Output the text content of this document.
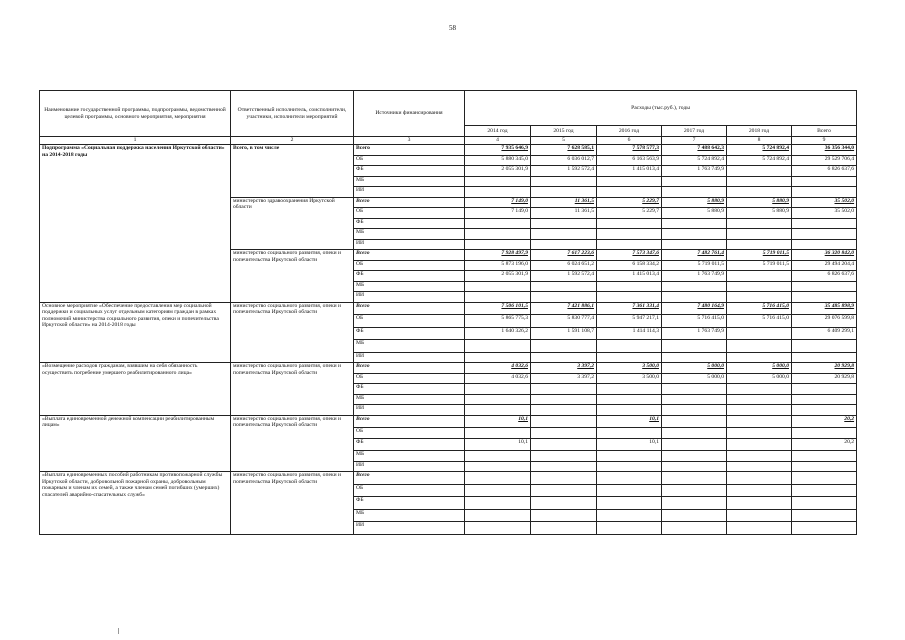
58
Наименование государственной программы, подпрограммы, ведомственной целевой программы, основного мероприятия, мероприятия	Ответственный исполнитель, соисполнители, участники, исполнители мероприятий	Источники финансирования	Расходы (тыс.руб.), годы					
			2014 год	2015 год	2016 год	2017 год	2018 год	Всего
1	2	3	4	5	6	7	8	9
Подпрограмма «Социальная поддержка населения Иркутской области» на 2014-2018 годы	Всего, в том числе	Всего	7 935 646,9	7 628 585,1	7 578 577,3	7 488 642,3	5 724 892,4	36 356 344,0
		ОБ	5 880 345,0	6 036 012,7	6 163 563,9	5 724 892,4	5 724 892,4	29 529 706,4
		ФБ	2 055 301,9	1 592 572,4	1 415 013,4	1 763 749,9		6 826 637,6
		МБ						
		ИИ						
	министерство здравоохранения Иркутской области	Всего	7 149,0	11 361,5	5 229,7	5 880,9	5 880,9	35 502,0
		ОБ	7 149,0	11 361,5	5 229,7	5 880,9	5 880,9	35 502,0
		ФБ						
		МБ						
		ИИ						
	министерство социального развития, опеки и попечительства Иркутской области	Всего	7 928 497,9	7 617 223,6	7 573 347,6	7 482 761,4	5 719 011,5	36 320 842,0
		ОБ	5 873 196,0	6 024 651,2	6 158 334,2	5 719 011,5	5 719 011,5	29 494 204,4
		ФБ	2 055 301,9	1 592 572,4	1 415 013,4	1 763 749,9		6 826 637,6
		МБ						
		ИИ						
Основное мероприятие «Обеспечение предоставления мер социальной поддержки и социальных услуг отдельным категориям граждан в рамках полномочий министерства социального развития, опеки и попечительства Иркутской области» на 2014-2018 годы	министерство социального развития, опеки и попечительства Иркутской области	Всего	7 506 101,5	7 421 886,1	7 361 331,4	7 480 164,9	5 716 415,0	35 485 898,9
		ОБ	5 865 775,3	5 830 777,4	5 947 217,1	5 716 415,0	5 716 415,0	29 076 599,8
		ФБ	1 640 326,2	1 591 108,7	1 414 114,3	1 763 749,9		6 409 299,1
		МБ						
		ИИ						
«Возмещение расходов гражданам, взявшим на себя обязанность осуществить погребение умершего реабилитированного лица»	министерство социального развития, опеки и попечительства Иркутской области	Всего	4 032,6	3 397,2	3 500,0	5 000,0	5 000,0	20 929,8
		ОБ	4 032,6	3 397,2	3 500,0	5 000,0	5 000,0	20 929,8
		ФБ						
		МБ						
		ИИ						
«Выплата единовременной денежной компенсации реабилитированным лицам»	министерство социального развития, опеки и попечительства Иркутской области	Всего	10,1		10,1			20,2
		ОБ						
		ФБ	10,1		10,1			20,2
		МБ						
		ИИ						
«Выплата единовременных пособий работникам противопожарной службы Иркутской области, добровольной пожарной охраны, добровольным пожарным и членам их семей, а также членам семей погибших (умерших) спасателей аварийно-спасательных служб»	министерство социального развития, опеки и попечительства Иркутской области	Всего						
		ОБ						
		ФБ						
		МБ						
		ИИ						
